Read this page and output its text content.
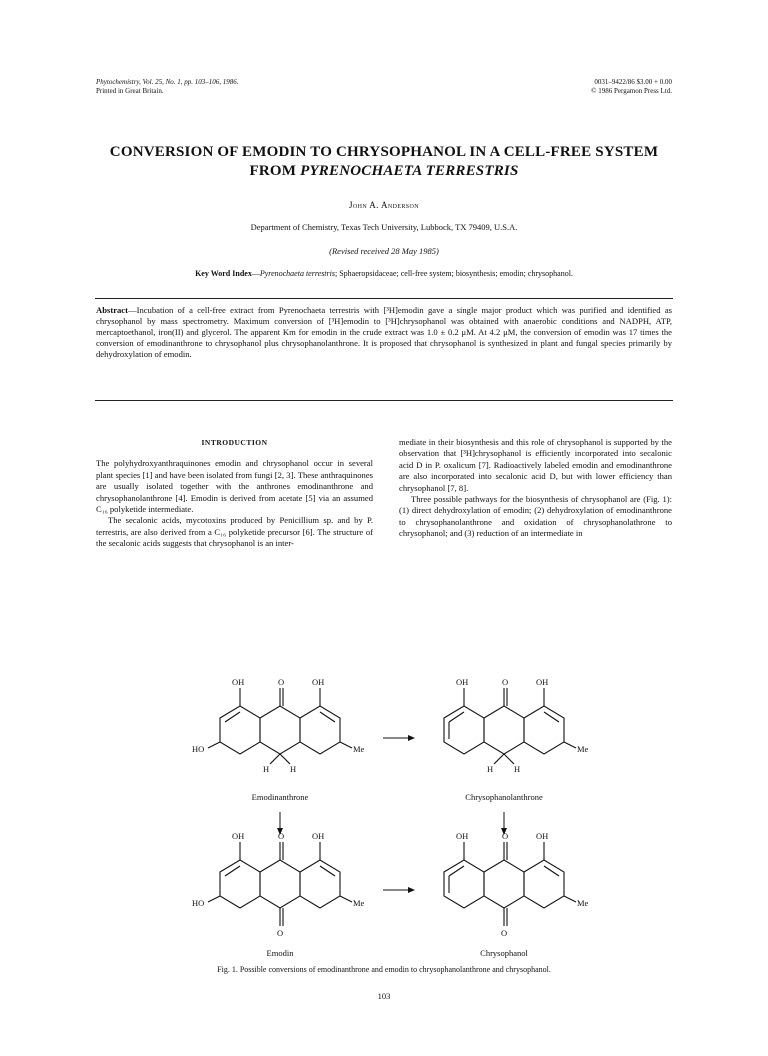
Phytochemistry, Vol. 25, No. 1, pp. 103–106, 1986.
Printed in Great Britain.
0031–9422/86 $3.00 + 0.00
© 1986 Pergamon Press Ltd.
CONVERSION OF EMODIN TO CHRYSOPHANOL IN A CELL-FREE SYSTEM
FROM PYRENOCHAETA TERRESTRIS
John A. Anderson
Department of Chemistry, Texas Tech University, Lubbock, TX 79409, U.S.A.
(Revised received 28 May 1985)
Key Word Index—Pyrenochaeta terrestris; Sphaeropsidaceae; cell-free system; biosynthesis; emodin; chrysophanol.
Abstract—Incubation of a cell-free extract from Pyrenochaeta terrestris with [³H]emodin gave a single major product which was purified and identified as chrysophanol by mass spectrometry. Maximum conversion of [³H]emodin to [³H]chrysophanol was obtained with anaerobic conditions and NADPH, ATP, mercaptoethanol, iron(II) and glycerol. The apparent Km for emodin in the crude extract was 1.0 ± 0.2 μM. At 4.2 μM, the conversion of emodin was 17 times the conversion of emodinanthrone to chrysophanol plus chrysophanolanthrone. It is proposed that chrysophanol is synthesized in plant and fungal species primarily by dehydroxylation of emodin.
INTRODUCTION

The polyhydroxyanthraquinones emodin and chrysophanol occur in several plant species [1] and have been isolated from fungi [2, 3]. These anthraquinones are usually isolated together with the anthrones emodinanthrone and chrysophanolanthrone [4]. Emodin is derived from acetate [5] via an assumed C₁₆ polyketide intermediate.

The secalonic acids, mycotoxins produced by Penicillium sp. and by P. terrestris, are also derived from a C₁₆ polyketide precursor [6]. The structure of the secalonic acids suggests that chrysophanol is an inter-

mediate in their biosynthesis and this role of chrysophanol is supported by the observation that [³H]chrysophanol is efficiently incorporated into secalonic acid D in P. oxalicum [7]. Radioactively labeled emodin and emodinanthrone are also incorporated into secalonic acid D, but with lower efficiency than chrysophanol [7, 8].

Three possible pathways for the biosynthesis of chrysophanol are (Fig. 1): (1) direct dehydroxylation of emodin; (2) dehydroxylation of emodinanthrone to chrysophanolanthrone and oxidation of chrysophanolathrone to chrysophanol; and (3) reduction of an intermediate in

OH	O	OH
HO	Me
H H
Emodinanthrone
OH	O	OH
Me
H H
Chrysophanolanthrone
OH	O	OH
HO	Me
O
Emodin
OH	O	OH
Me
O
Chrysophanol
Fig. 1. Possible conversions of emodinanthrone and emodin to chrysophanolanthrone and chrysophanol.
103
